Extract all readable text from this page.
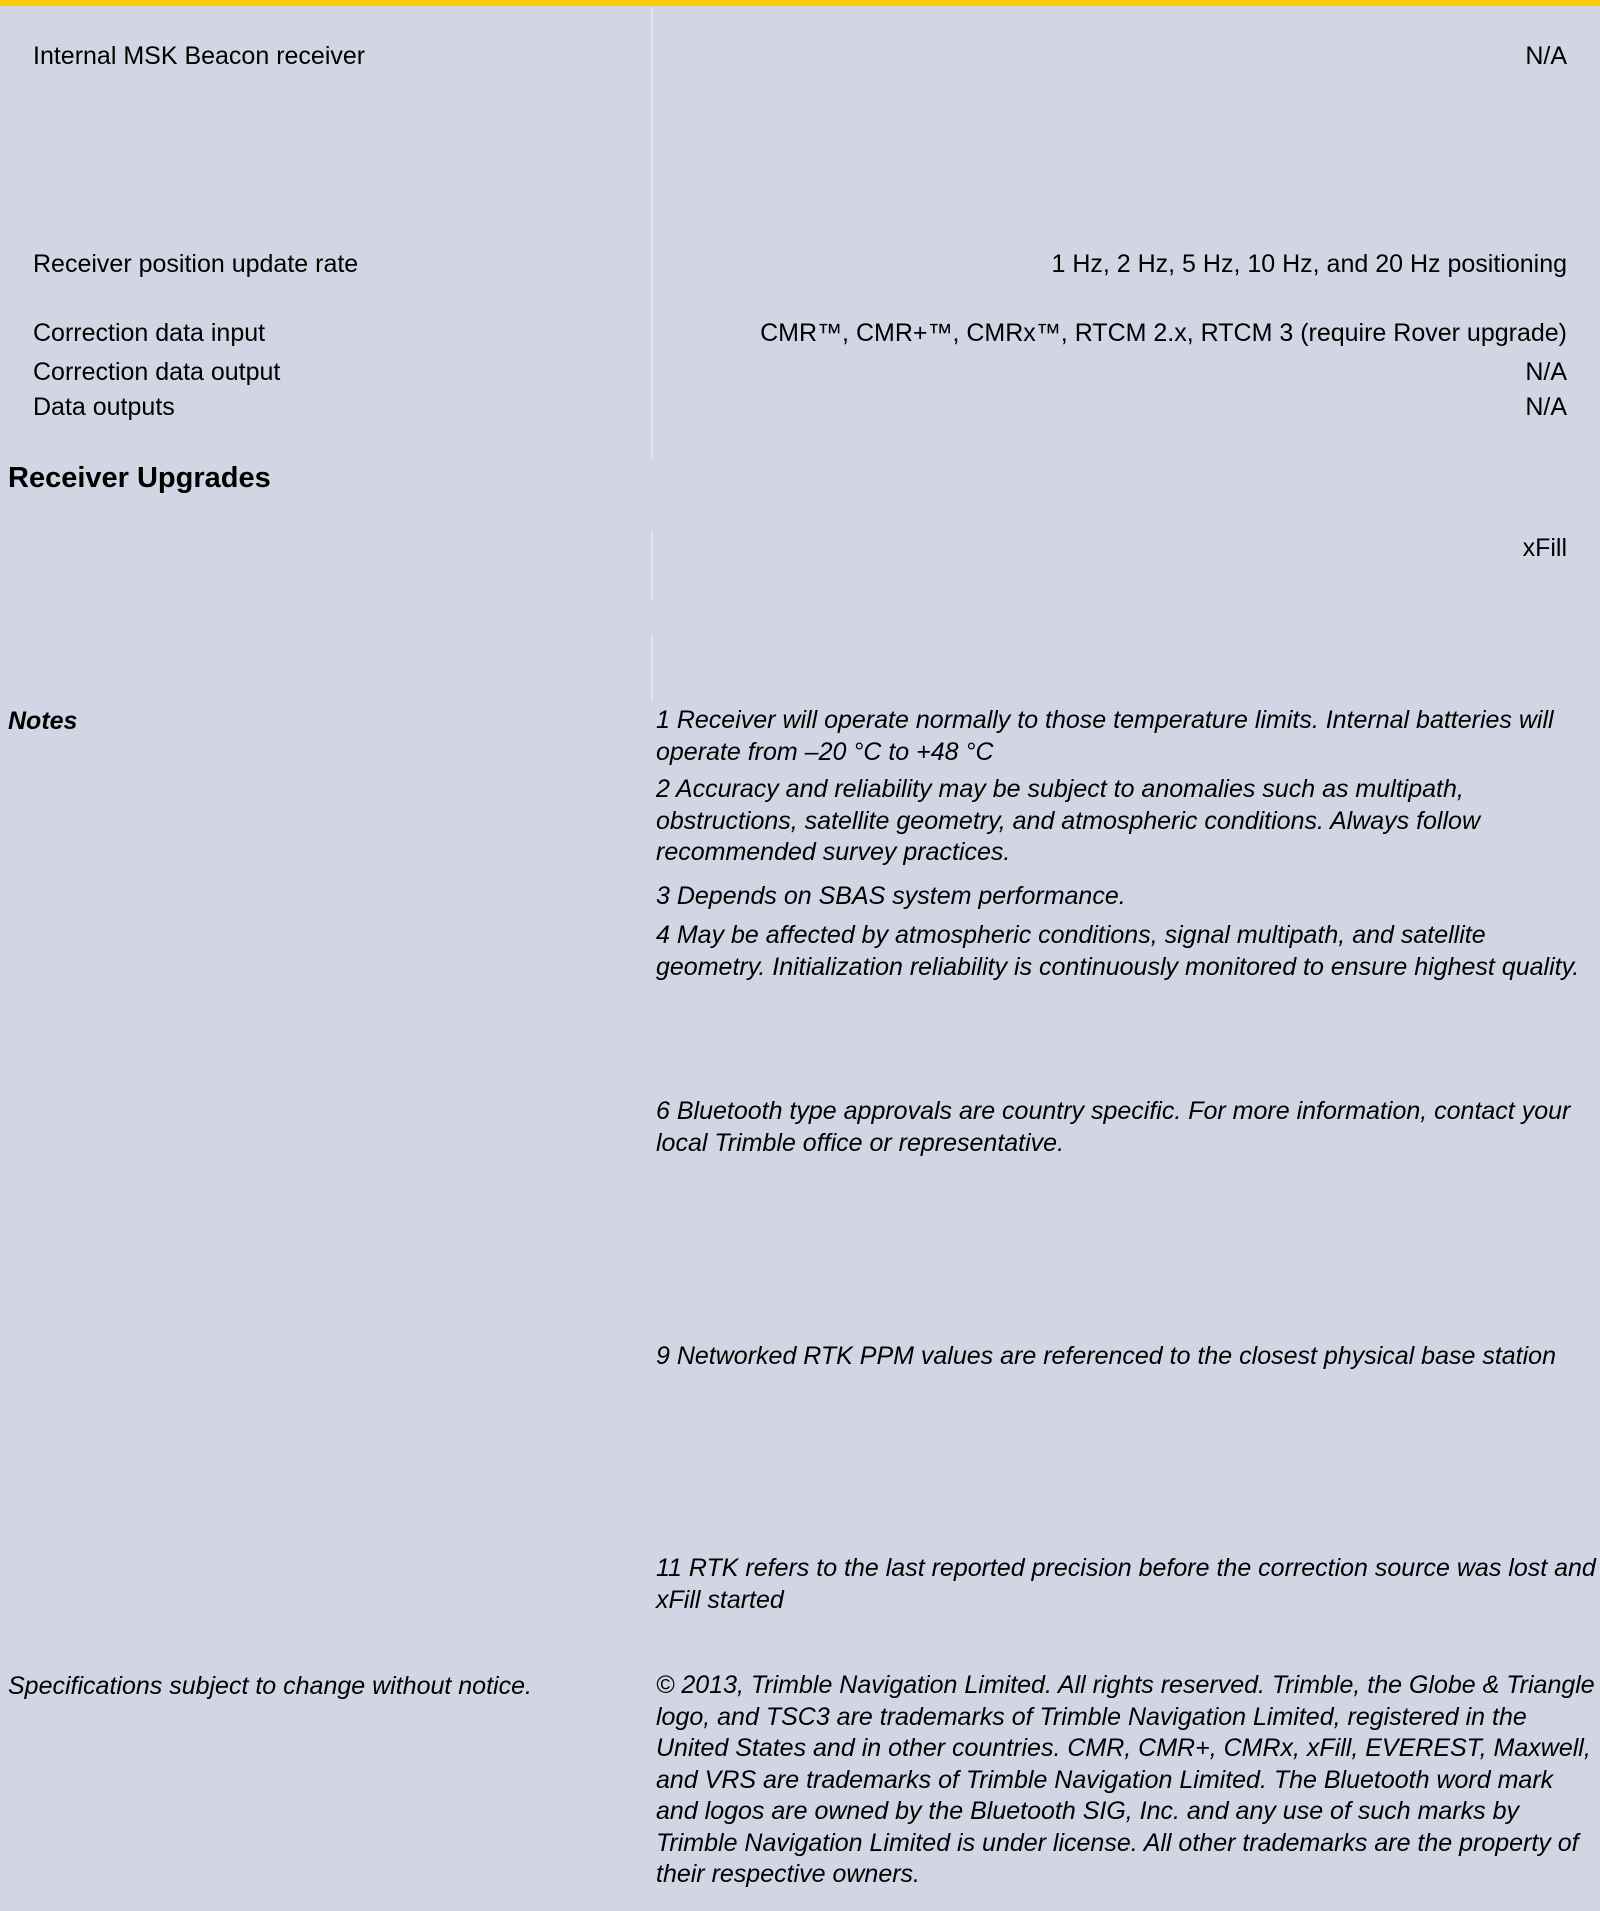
Internal MSK Beacon receiver	N/A
Receiver position update rate	1 Hz, 2 Hz, 5 Hz, 10 Hz, and 20 Hz positioning
Correction data input	CMR™, CMR+™, CMRx™, RTCM 2.x, RTCM 3 (require Rover upgrade)
Correction data output	N/A
Data outputs	N/A
Receiver Upgrades
xFill
Notes	1 Receiver will operate normally to those temperature limits. Internal batteries will operate from –20 °C to +48 °C
2 Accuracy and reliability may be subject to anomalies such as multipath, obstructions, satellite geometry, and atmospheric conditions. Always follow recommended survey practices.
3 Depends on SBAS system performance.
4 May be affected by atmospheric conditions, signal multipath, and satellite geometry. Initialization reliability is continuously monitored to ensure highest quality.
6 Bluetooth type approvals are country specific. For more information, contact your local Trimble office or representative.
9 Networked RTK PPM values are referenced to the closest physical base station
11 RTK refers to the last reported precision before the correction source was lost and xFill started
Specifications subject to change without notice.	© 2013, Trimble Navigation Limited. All rights reserved. Trimble, the Globe & Triangle logo, and TSC3 are trademarks of Trimble Navigation Limited, registered in the United States and in other countries. CMR, CMR+, CMRx, xFill, EVEREST, Maxwell, and VRS are trademarks of Trimble Navigation Limited. The Bluetooth word mark and logos are owned by the Bluetooth SIG, Inc. and any use of such marks by Trimble Navigation Limited is under license. All other trademarks are the property of their respective owners.
